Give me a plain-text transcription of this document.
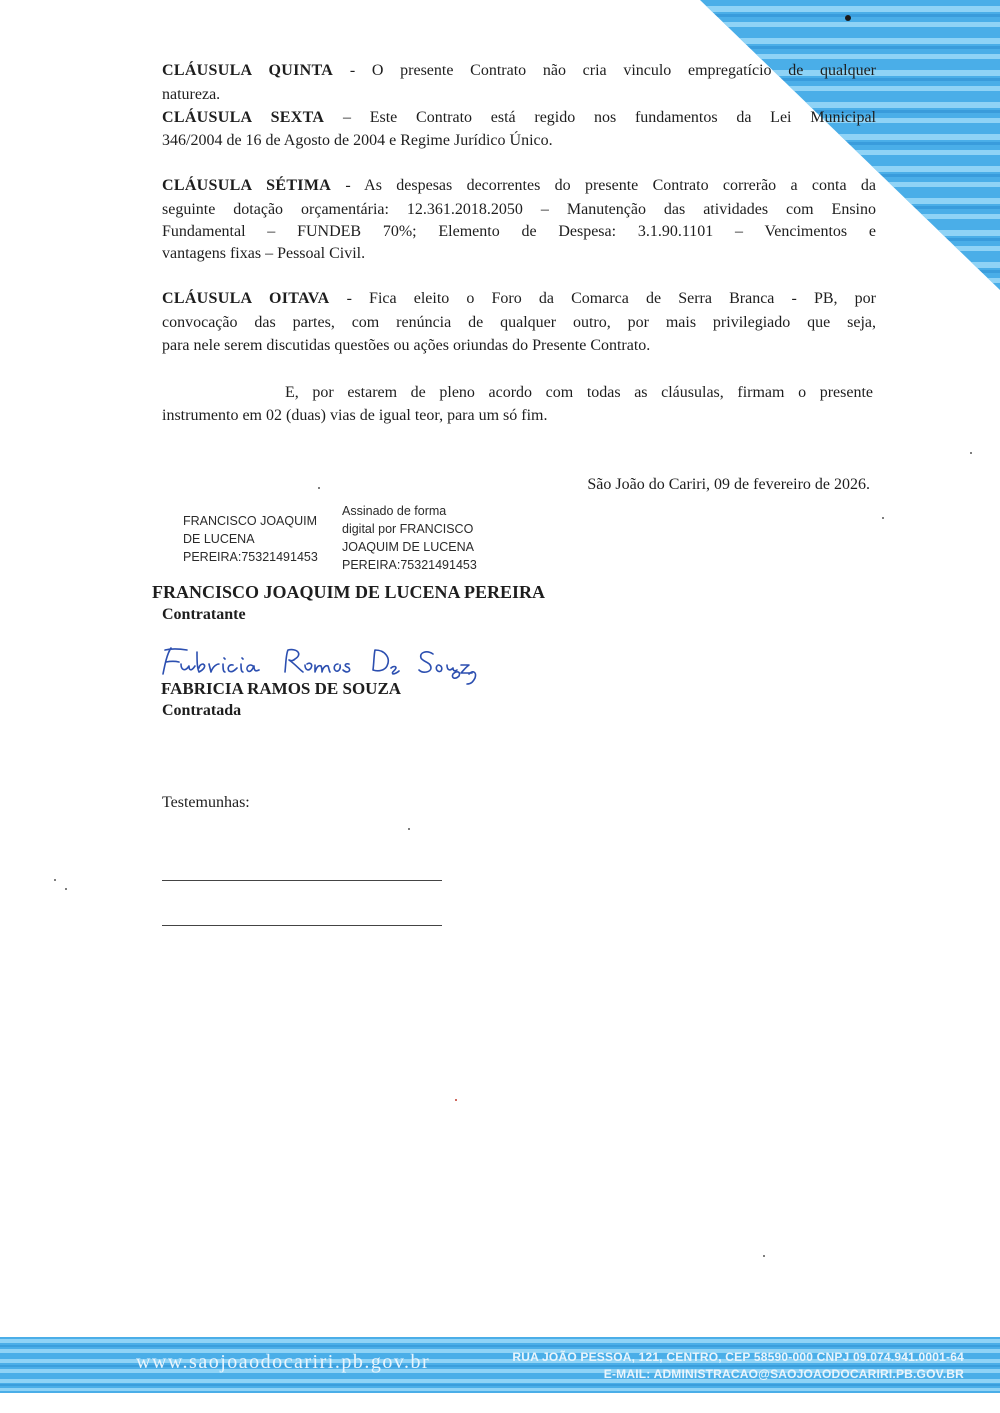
CLÁUSULA QUINTA - O presente Contrato não cria vinculo empregatício de qualquer
natureza.
CLÁUSULA SEXTA – Este Contrato está regido nos fundamentos da Lei Municipal
346/2004 de 16 de Agosto de 2004 e Regime Jurídico Único.
CLÁUSULA SÉTIMA - As despesas decorrentes do presente Contrato correrão a conta da
seguinte dotação orçamentária: 12.361.2018.2050 – Manutenção das atividades com Ensino
Fundamental – FUNDEB 70%; Elemento de Despesa: 3.1.90.1101 – Vencimentos e
vantagens fixas – Pessoal Civil.
CLÁUSULA OITAVA - Fica eleito o Foro da Comarca de Serra Branca - PB, por
convocação das partes, com renúncia de qualquer outro, por mais privilegiado que seja,
para nele serem discutidas questões ou ações oriundas do Presente Contrato.
E, por estarem de pleno acordo com todas as cláusulas, firmam o presente
instrumento em 02 (duas) vias de igual teor, para um só fim.
São João do Cariri, 09 de fevereiro de 2026.
FRANCISCO JOAQUIM
DE LUCENA
PEREIRA:75321491453
Assinado de forma
digital por FRANCISCO
JOAQUIM DE LUCENA
PEREIRA:75321491453
FRANCISCO JOAQUIM DE LUCENA PEREIRA
Contratante
FABRICIA RAMOS DE SOUZA
Contratada
Testemunhas:
www.saojoaodocariri.pb.gov.br	RUA JOÃO PESSOA, 121, CENTRO, CEP 58590-000 CNPJ 09.074.941.0001-64
E-MAIL: ADMINISTRACAO@SAOJOAODOCARIRI.PB.GOV.BR
